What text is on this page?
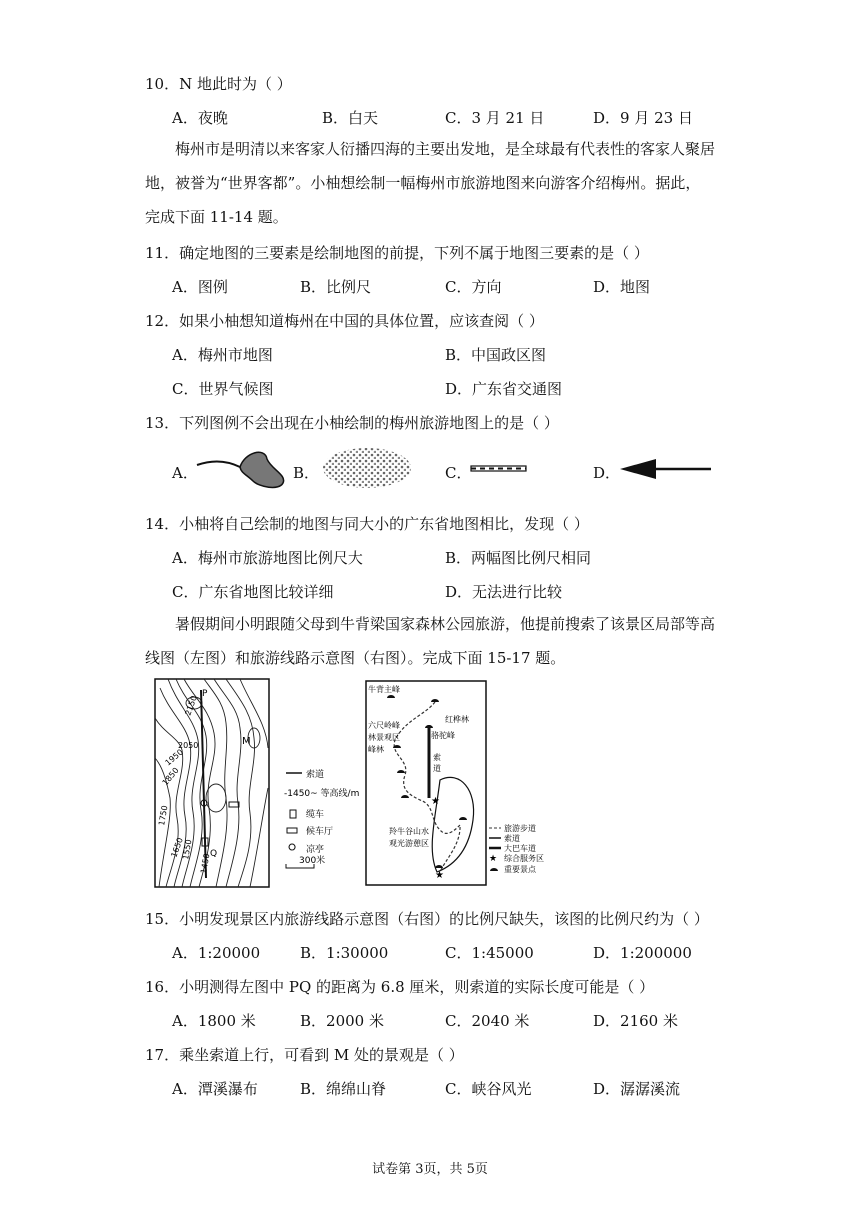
10．N 地此时为（ ）
A．夜晚	B．白天	C．3 月 21 日	D．9 月 23 日
梅州市是明清以来客家人衍播四海的主要出发地，是全球最有代表性的客家人聚居地，被誉为“世界客都”。小柚想绘制一幅梅州市旅游地图来向游客介绍梅州。据此，完成下面 11-14 题。
11．确定地图的三要素是绘制地图的前提，下列不属于地图三要素的是（ ）
A．图例	B．比例尺	C．方向	D．地图
12．如果小柚想知道梅州在中国的具体位置，应该查阅（ ）
A．梅州市地图	B．中国政区图
C．世界气候图	D．广东省交通图
13．下列图例不会出现在小柚绘制的梅州旅游地图上的是（ ）
A．	B．	C．	D．
14．小柚将自己绘制的地图与同大小的广东省地图相比，发现（ ）
A．梅州市旅游地图比例尺大	B．两幅图比例尺相同
C．广东省地图比较详细	D．无法进行比较
暑假期间小明跟随父母到牛背梁国家森林公园旅游，他提前搜索了该景区局部等高线图（左图）和旅游线路示意图（右图）。完成下面 15-17 题。
2150
2050
1950
1850
1750
1650
1550
1450
P
M
Q
索道
-1450~ 等高线/m
缆车
候车厅
凉亭
300米
★
★
牛背主峰
红桦林
六尺岭峰
骆驼峰
林景观区
峰林
索
道
羚牛谷山水
观光游憩区
旅游步道
索道
大巴车道
★ 综合服务区
重要景点
15．小明发现景区内旅游线路示意图（右图）的比例尺缺失，该图的比例尺约为（ ）
A．1:20000	B．1:30000	C．1:45000	D．1:200000
16．小明测得左图中 PQ 的距离为 6.8 厘米，则索道的实际长度可能是（ ）
A．1800 米	B．2000 米	C．2040 米	D．2160 米
17．乘坐索道上行，可看到 M 处的景观是（ ）
A．潭溪瀑布	B．绵绵山脊	C．峡谷风光	D．潺潺溪流
试卷第 3页，共 5页
